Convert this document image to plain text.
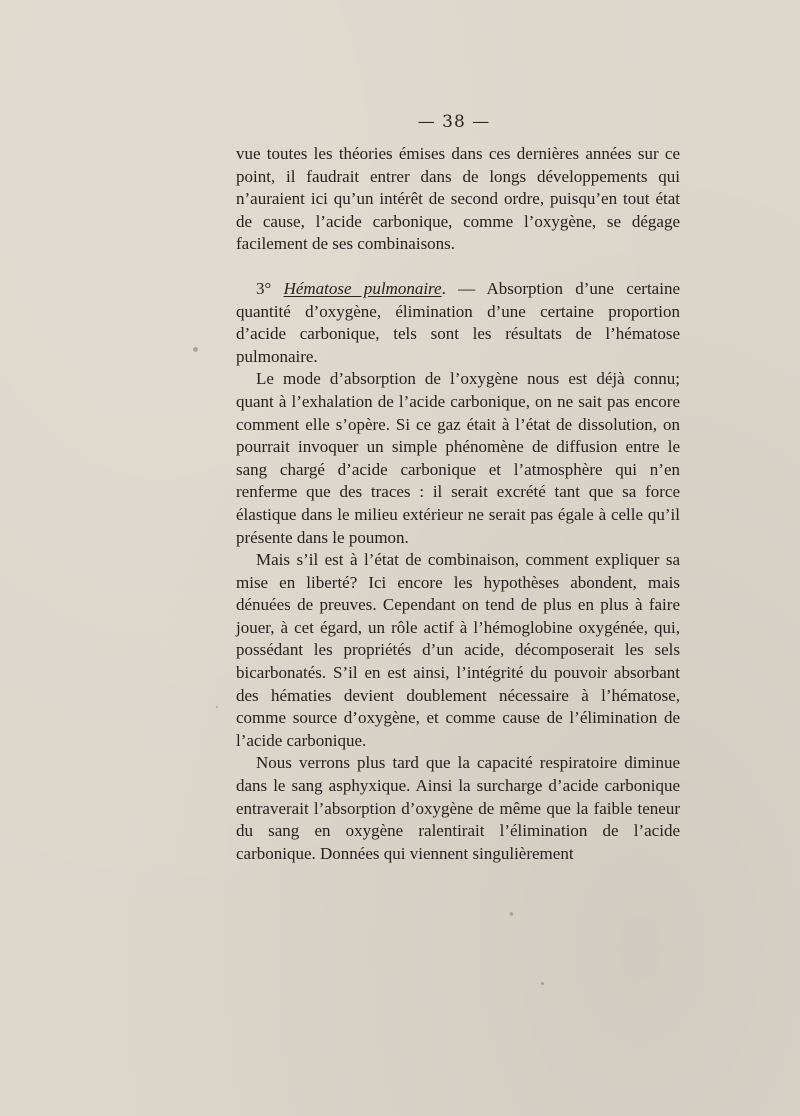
— 38 —

vue toutes les théories émises dans ces dernières années sur ce point, il faudrait entrer dans de longs développements qui n’auraient ici qu’un intérêt de second ordre, puisqu’en tout état de cause, l’acide carbonique, comme l’oxygène, se dégage facilement de ses combinaisons.

3° Hématose pulmonaire. — Absorption d’une certaine quantité d’oxygène, élimination d’une certaine proportion d’acide carbonique, tels sont les résultats de l’hématose pulmonaire.

Le mode d’absorption de l’oxygène nous est déjà connu; quant à l’exhalation de l’acide carbonique, on ne sait pas encore comment elle s’opère. Si ce gaz était à l’état de dissolution, on pourrait invoquer un simple phénomène de diffusion entre le sang chargé d’acide carbonique et l’atmosphère qui n’en renferme que des traces : il serait excrété tant que sa force élastique dans le milieu extérieur ne serait pas égale à celle qu’il présente dans le poumon.

Mais s’il est à l’état de combinaison, comment expliquer sa mise en liberté? Ici encore les hypothèses abondent, mais dénuées de preuves. Cependant on tend de plus en plus à faire jouer, à cet égard, un rôle actif à l’hémoglobine oxygénée, qui, possédant les propriétés d’un acide, décomposerait les sels bicarbonatés. S’il en est ainsi, l’intégrité du pouvoir absorbant des hématies devient doublement nécessaire à l’hématose, comme source d’oxygène, et comme cause de l’élimination de l’acide carbonique.

Nous verrons plus tard que la capacité respiratoire diminue dans le sang asphyxique. Ainsi la surcharge d’acide carbonique entraverait l’absorption d’oxygène de même que la faible teneur du sang en oxygène ralentirait l’élimination de l’acide carbonique. Données qui viennent singulièrement
